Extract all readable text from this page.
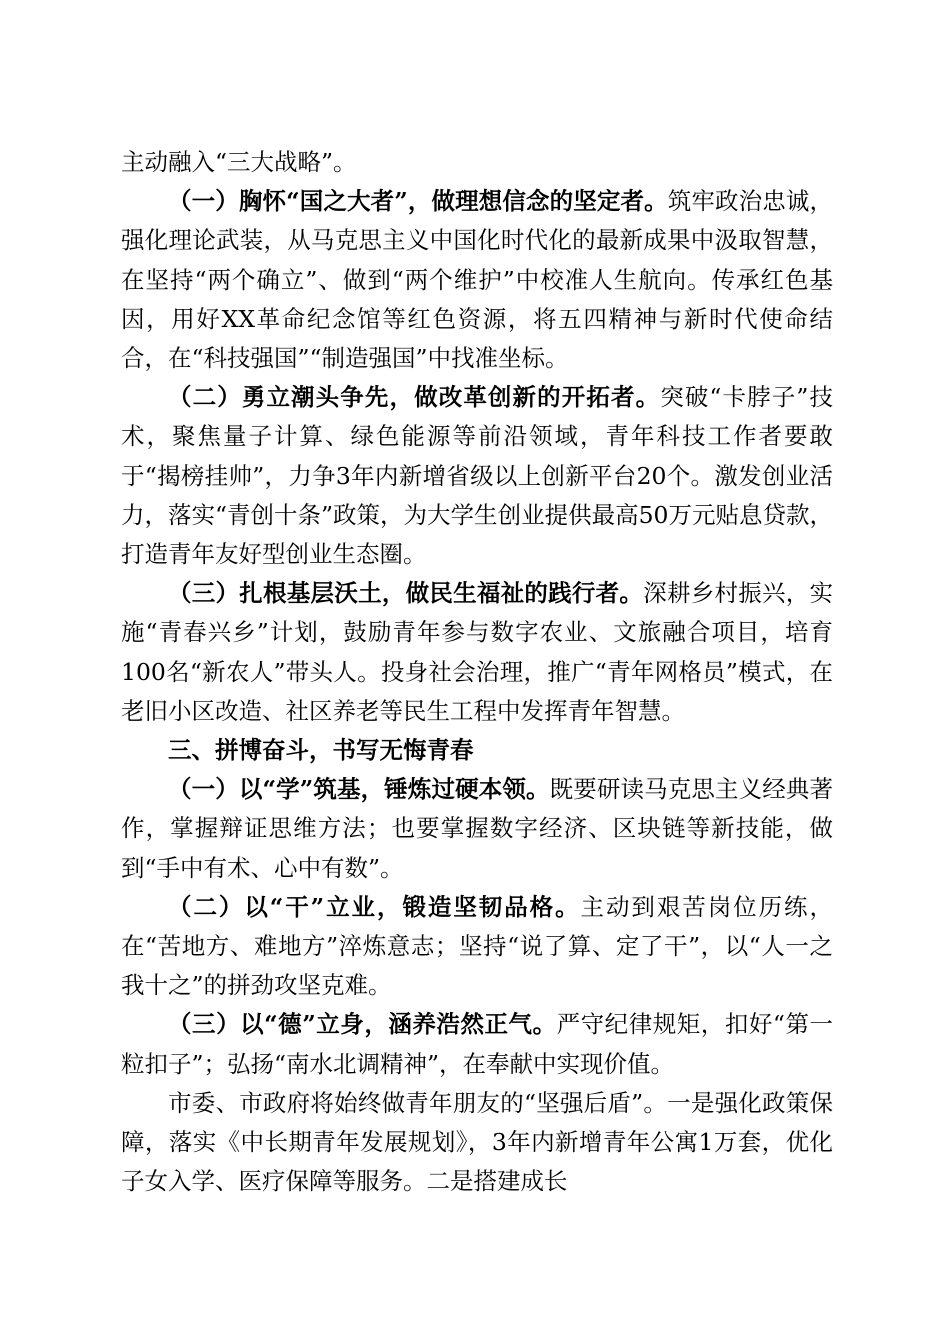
主动融入“三大战略”。

（一）胸怀“国之大者”，做理想信念的坚定者。筑牢政治忠诚，强化理论武装，从马克思主义中国化时代化的最新成果中汲取智慧，在坚持“两个确立”、做到“两个维护”中校准人生航向。传承红色基因，用好XX革命纪念馆等红色资源，将五四精神与新时代使命结合，在“科技强国”“制造强国”中找准坐标。

（二）勇立潮头争先，做改革创新的开拓者。突破“卡脖子”技术，聚焦量子计算、绿色能源等前沿领域，青年科技工作者要敢于“揭榜挂帅”，力争3年内新增省级以上创新平台20个。激发创业活力，落实“青创十条”政策，为大学生创业提供最高50万元贴息贷款，打造青年友好型创业生态圈。

（三）扎根基层沃土，做民生福祉的践行者。深耕乡村振兴，实施“青春兴乡”计划，鼓励青年参与数字农业、文旅融合项目，培育100名“新农人”带头人。投身社会治理，推广“青年网格员”模式，在老旧小区改造、社区养老等民生工程中发挥青年智慧。

三、拼博奋斗，书写无悔青春

（一）以“学”筑基，锤炼过硬本领。既要研读马克思主义经典著作，掌握辩证思维方法；也要掌握数字经济、区块链等新技能，做到“手中有术、心中有数”。

（二）以“干”立业，锻造坚韧品格。主动到艰苦岗位历练，在“苦地方、难地方”淬炼意志；坚持“说了算、定了干”，以“人一之我十之”的拼劲攻坚克难。

（三）以“德”立身，涵养浩然正气。严守纪律规矩，扣好“第一粒扣子”；弘扬“南水北调精神”，在奉献中实现价值。

市委、市政府将始终做青年朋友的“坚强后盾”。一是强化政策保障，落实《中长期青年发展规划》，3年内新增青年公寓1万套，优化子女入学、医疗保障等服务。二是搭建成长
